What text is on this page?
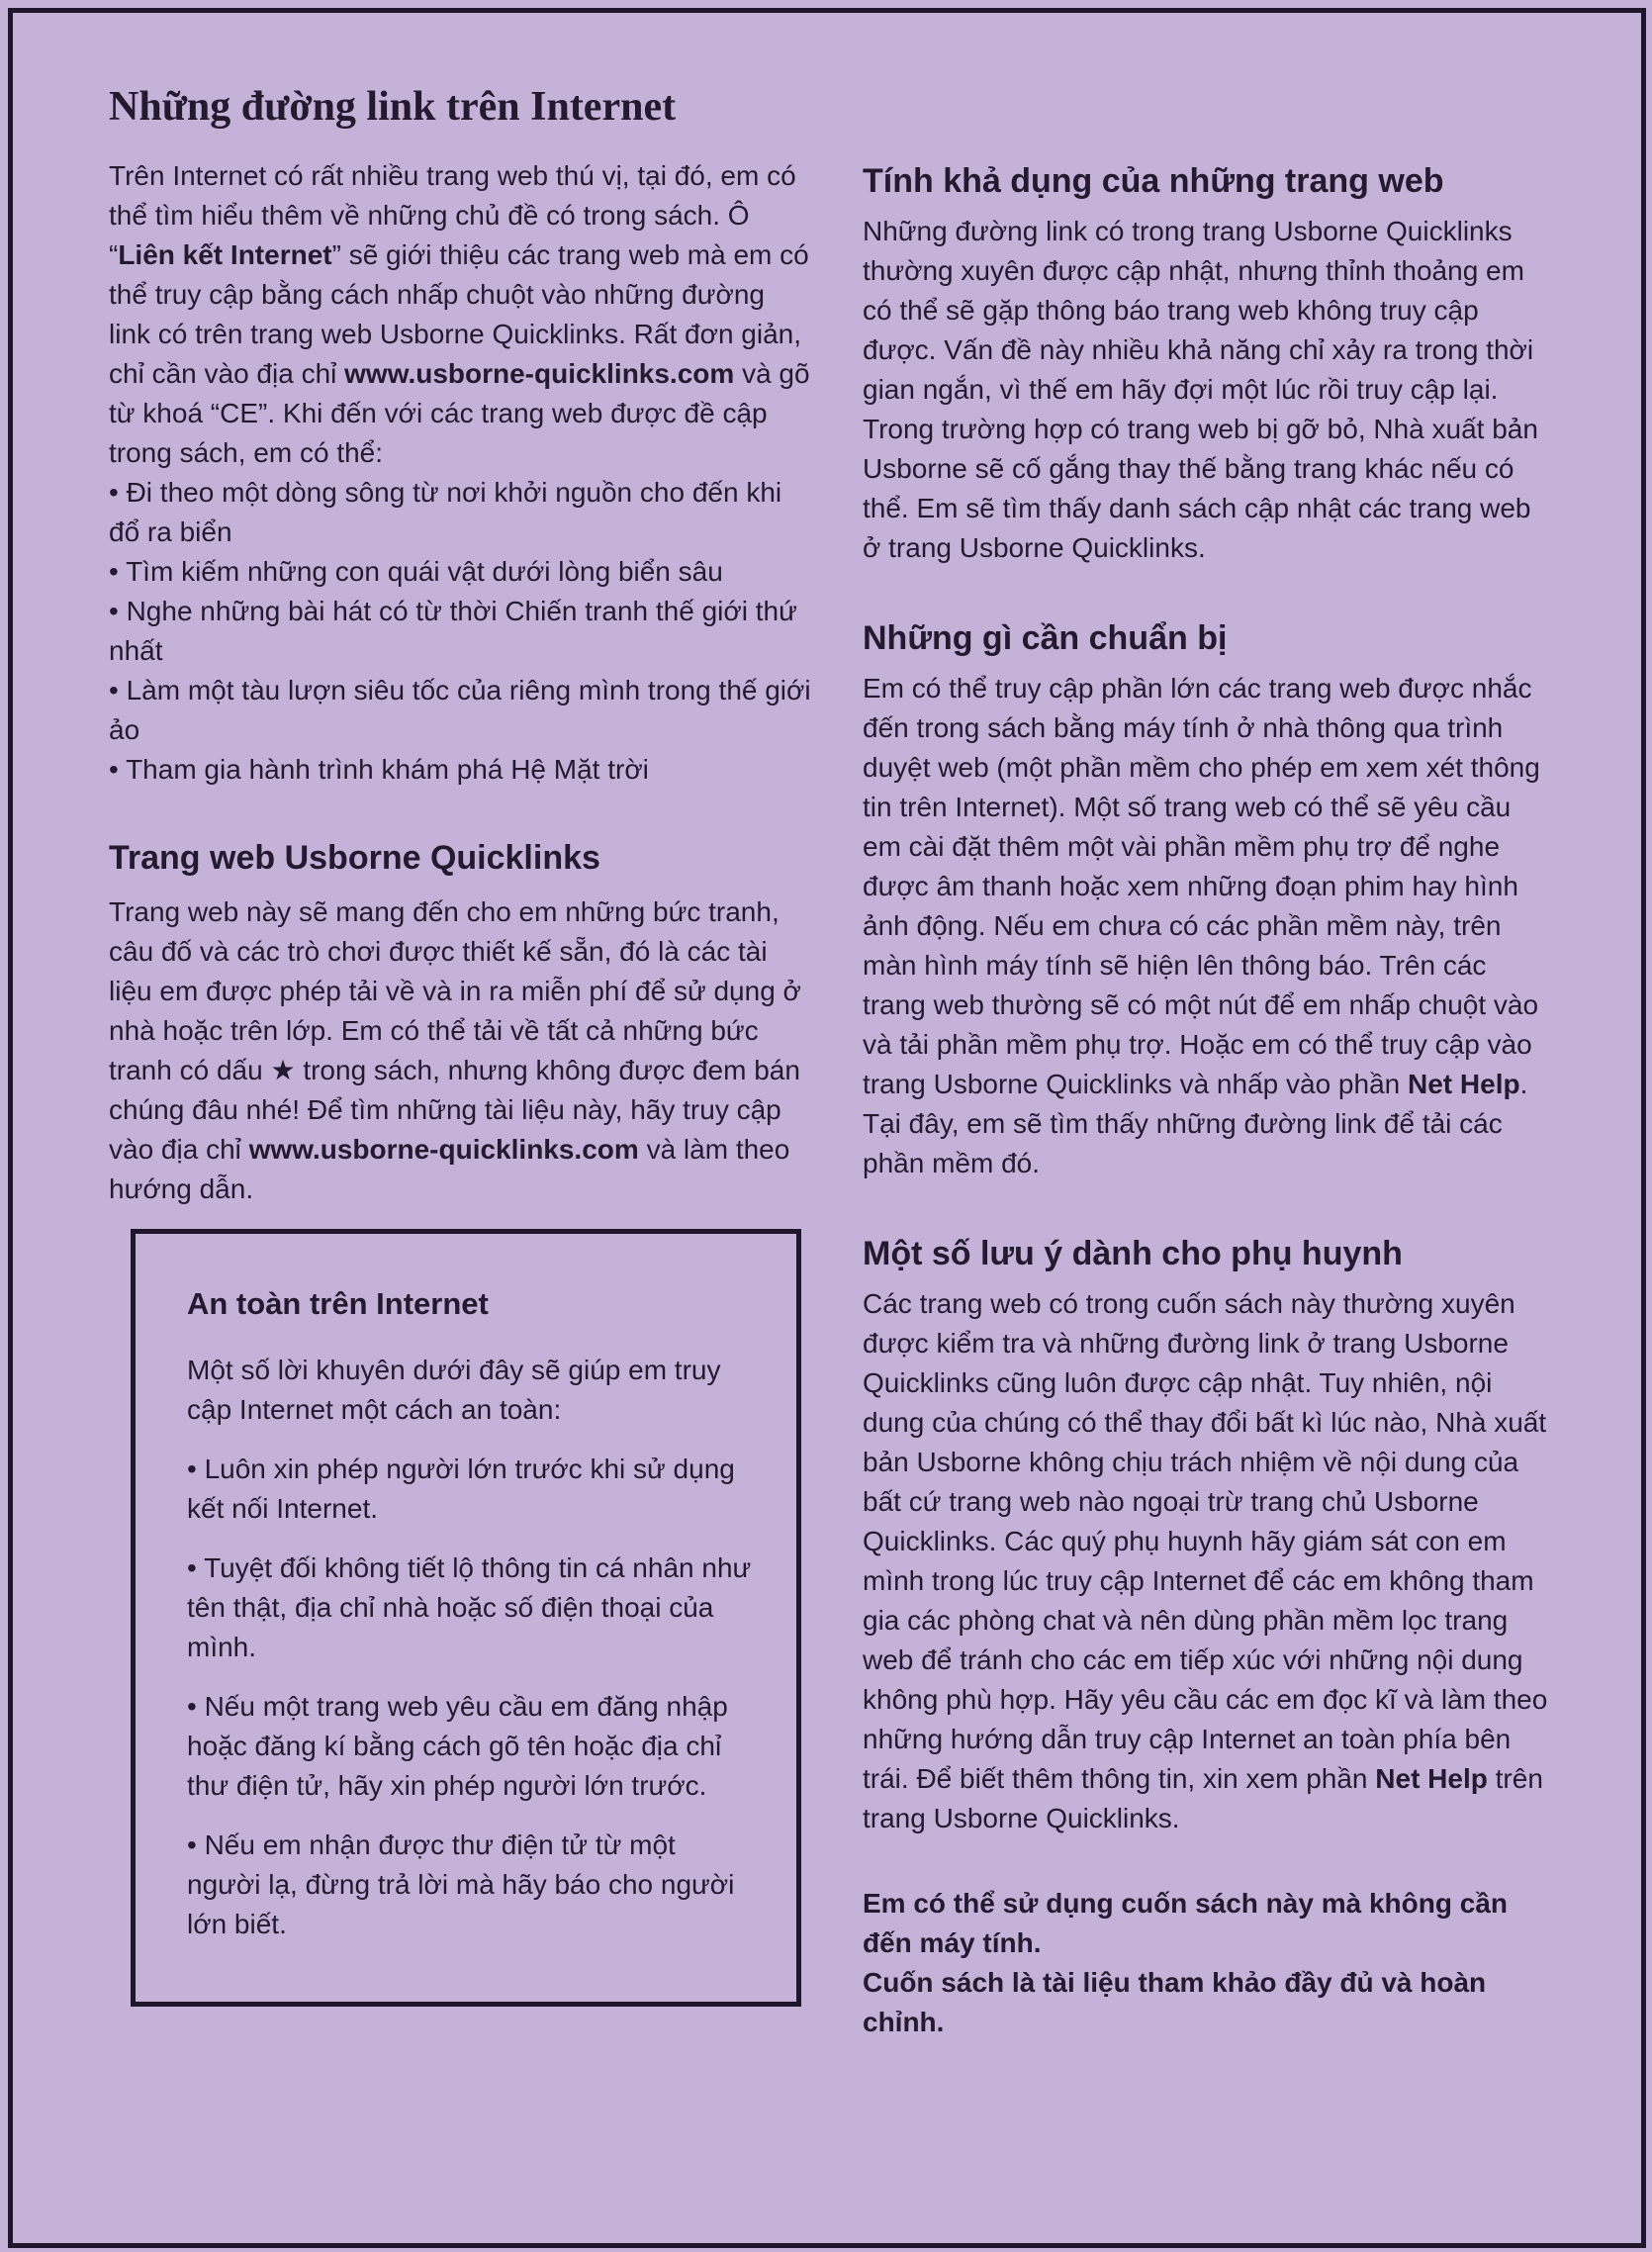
Những đường link trên Internet

Trên Internet có rất nhiều trang web thú vị, tại đó, em có thể tìm hiểu thêm về những chủ đề có trong sách. Ô “Liên kết Internet” sẽ giới thiệu các trang web mà em có thể truy cập bằng cách nhấp chuột vào những đường link có trên trang web Usborne Quicklinks. Rất đơn giản, chỉ cần vào địa chỉ www.usborne-quicklinks.com và gõ từ khoá “CE”. Khi đến với các trang web được đề cập trong sách, em có thể:

• Đi theo một dòng sông từ nơi khởi nguồn cho đến khi đổ ra biển

• Tìm kiếm những con quái vật dưới lòng biển sâu

• Nghe những bài hát có từ thời Chiến tranh thế giới thứ nhất

• Làm một tàu lượn siêu tốc của riêng mình trong thế giới ảo

• Tham gia hành trình khám phá Hệ Mặt trời

Trang web Usborne Quicklinks

Trang web này sẽ mang đến cho em những bức tranh, câu đố và các trò chơi được thiết kế sẵn, đó là các tài liệu em được phép tải về và in ra miễn phí để sử dụng ở nhà hoặc trên lớp. Em có thể tải về tất cả những bức tranh có dấu ★ trong sách, nhưng không được đem bán chúng đâu nhé! Để tìm những tài liệu này, hãy truy cập vào địa chỉ www.usborne-quicklinks.com và làm theo hướng dẫn.

An toàn trên Internet

Một số lời khuyên dưới đây sẽ giúp em truy cập Internet một cách an toàn:

• Luôn xin phép người lớn trước khi sử dụng kết nối Internet.

• Tuyệt đối không tiết lộ thông tin cá nhân như tên thật, địa chỉ nhà hoặc số điện thoại của mình.

• Nếu một trang web yêu cầu em đăng nhập hoặc đăng kí bằng cách gõ tên hoặc địa chỉ thư điện tử, hãy xin phép người lớn trước.

• Nếu em nhận được thư điện tử từ một người lạ, đừng trả lời mà hãy báo cho người lớn biết.

Tính khả dụng của những trang web

Những đường link có trong trang Usborne Quicklinks thường xuyên được cập nhật, nhưng thỉnh thoảng em có thể sẽ gặp thông báo trang web không truy cập được. Vấn đề này nhiều khả năng chỉ xảy ra trong thời gian ngắn, vì thế em hãy đợi một lúc rồi truy cập lại.

Trong trường hợp có trang web bị gỡ bỏ, Nhà xuất bản Usborne sẽ cố gắng thay thế bằng trang khác nếu có thể. Em sẽ tìm thấy danh sách cập nhật các trang web ở trang Usborne Quicklinks.

Những gì cần chuẩn bị

Em có thể truy cập phần lớn các trang web được nhắc đến trong sách bằng máy tính ở nhà thông qua trình duyệt web (một phần mềm cho phép em xem xét thông tin trên Internet). Một số trang web có thể sẽ yêu cầu em cài đặt thêm một vài phần mềm phụ trợ để nghe được âm thanh hoặc xem những đoạn phim hay hình ảnh động. Nếu em chưa có các phần mềm này, trên màn hình máy tính sẽ hiện lên thông báo. Trên các trang web thường sẽ có một nút để em nhấp chuột vào và tải phần mềm phụ trợ. Hoặc em có thể truy cập vào trang Usborne Quicklinks và nhấp vào phần Net Help. Tại đây, em sẽ tìm thấy những đường link để tải các phần mềm đó.

Một số lưu ý dành cho phụ huynh

Các trang web có trong cuốn sách này thường xuyên được kiểm tra và những đường link ở trang Usborne Quicklinks cũng luôn được cập nhật. Tuy nhiên, nội dung của chúng có thể thay đổi bất kì lúc nào, Nhà xuất bản Usborne không chịu trách nhiệm về nội dung của bất cứ trang web nào ngoại trừ trang chủ Usborne Quicklinks. Các quý phụ huynh hãy giám sát con em mình trong lúc truy cập Internet để các em không tham gia các phòng chat và nên dùng phần mềm lọc trang web để tránh cho các em tiếp xúc với những nội dung không phù hợp. Hãy yêu cầu các em đọc kĩ và làm theo những hướng dẫn truy cập Internet an toàn phía bên trái. Để biết thêm thông tin, xin xem phần Net Help trên trang Usborne Quicklinks.

Em có thể sử dụng cuốn sách này mà không cần đến máy tính.

Cuốn sách là tài liệu tham khảo đầy đủ và hoàn chỉnh.
